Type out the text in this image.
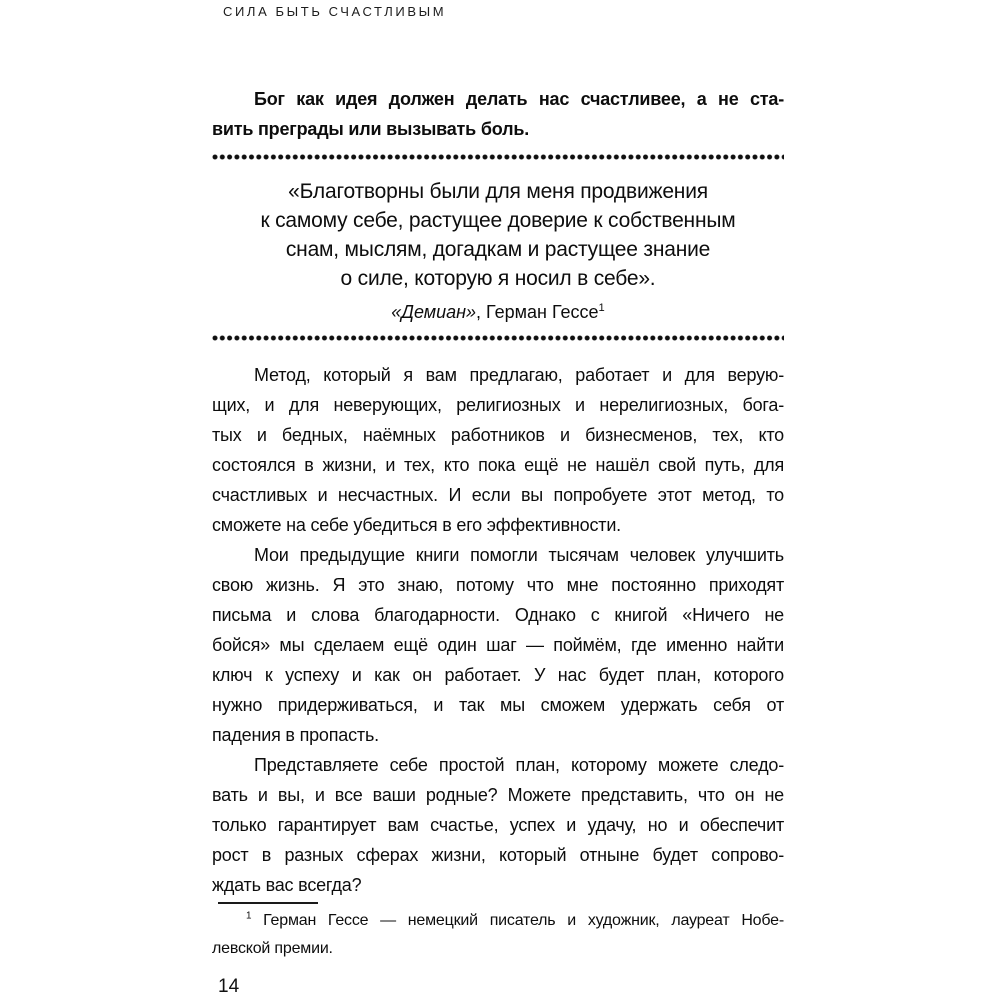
СИЛА БЫТЬ СЧАСТЛИВЫМ
Бог как идея должен делать нас счастливее, а не ста-
вить преграды или вызывать боль.
«Благотворны были для меня продвижения
к самому себе, растущее доверие к собственным
снам, мыслям, догадкам и растущее знание
о силе, которую я носил в себе».
«Демиан», Герман Гессе$^1$
Метод, который я вам предлагаю, работает и для верую-
щих, и для неверующих, религиозных и нерелигиозных, бога-
тых и бедных, наёмных работников и бизнесменов, тех, кто
состоялся в жизни, и тех, кто пока ещё не нашёл свой путь, для
счастливых и несчастных. И если вы попробуете этот метод, то
сможете на себе убедиться в его эффективности.
Мои предыдущие книги помогли тысячам человек улучшить
свою жизнь. Я это знаю, потому что мне постоянно приходят
письма и слова благодарности. Однако с книгой «Ничего не
бойся» мы сделаем ещё один шаг — поймём, где именно найти
ключ к успеху и как он работает. У нас будет план, которого
нужно придерживаться, и так мы сможем удержать себя от
падения в пропасть.
Представляете себе простой план, которому можете следо-
вать и вы, и все ваши родные? Можете представить, что он не
только гарантирует вам счастье, успех и удачу, но и обеспечит
рост в разных сферах жизни, который отныне будет сопрово-
ждать вас всегда?
$^1$ Герман Гессе — немецкий писатель и художник, лауреат Нобе-
левской премии.
14
